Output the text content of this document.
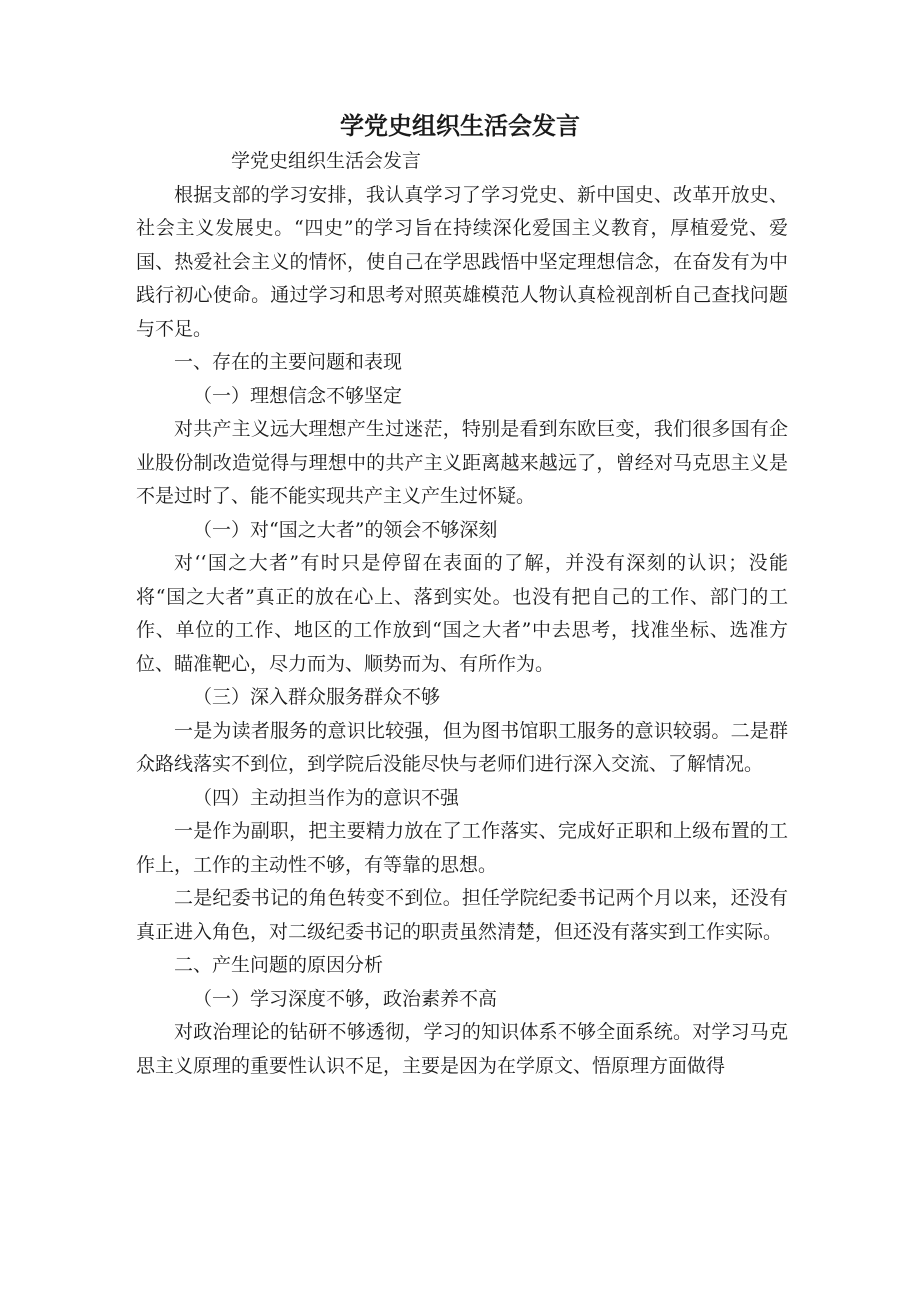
学党史组织生活会发言

学党史组织生活会发言

根据支部的学习安排，我认真学习了学习党史、新中国史、改革开放史、社会主义发展史。“四史”的学习旨在持续深化爱国主义教育，厚植爱党、爱国、热爱社会主义的情怀，使自己在学思践悟中坚定理想信念，在奋发有为中践行初心使命。通过学习和思考对照英雄模范人物认真检视剖析自己查找问题与不足。

一、存在的主要问题和表现

（一）理想信念不够坚定

对共产主义远大理想产生过迷茫，特别是看到东欧巨变，我们很多国有企业股份制改造觉得与理想中的共产主义距离越来越远了，曾经对马克思主义是不是过时了、能不能实现共产主义产生过怀疑。

（一）对“国之大者”的领会不够深刻

对‘‘国之大者”有时只是停留在表面的了解，并没有深刻的认识；没能将“国之大者”真正的放在心上、落到实处。也没有把自己的工作、部门的工作、单位的工作、地区的工作放到“国之大者”中去思考，找准坐标、选准方位、瞄准靶心，尽力而为、顺势而为、有所作为。

（三）深入群众服务群众不够

一是为读者服务的意识比较强，但为图书馆职工服务的意识较弱。二是群众路线落实不到位，到学院后没能尽快与老师们进行深入交流、了解情况。

（四）主动担当作为的意识不强

一是作为副职，把主要精力放在了工作落实、完成好正职和上级布置的工作上，工作的主动性不够，有等靠的思想。

二是纪委书记的角色转变不到位。担任学院纪委书记两个月以来，还没有真正进入角色，对二级纪委书记的职责虽然清楚，但还没有落实到工作实际。

二、产生问题的原因分析

（一）学习深度不够，政治素养不高

对政治理论的钻研不够透彻，学习的知识体系不够全面系统。对学习马克思主义原理的重要性认识不足，主要是因为在学原文、悟原理方面做得
